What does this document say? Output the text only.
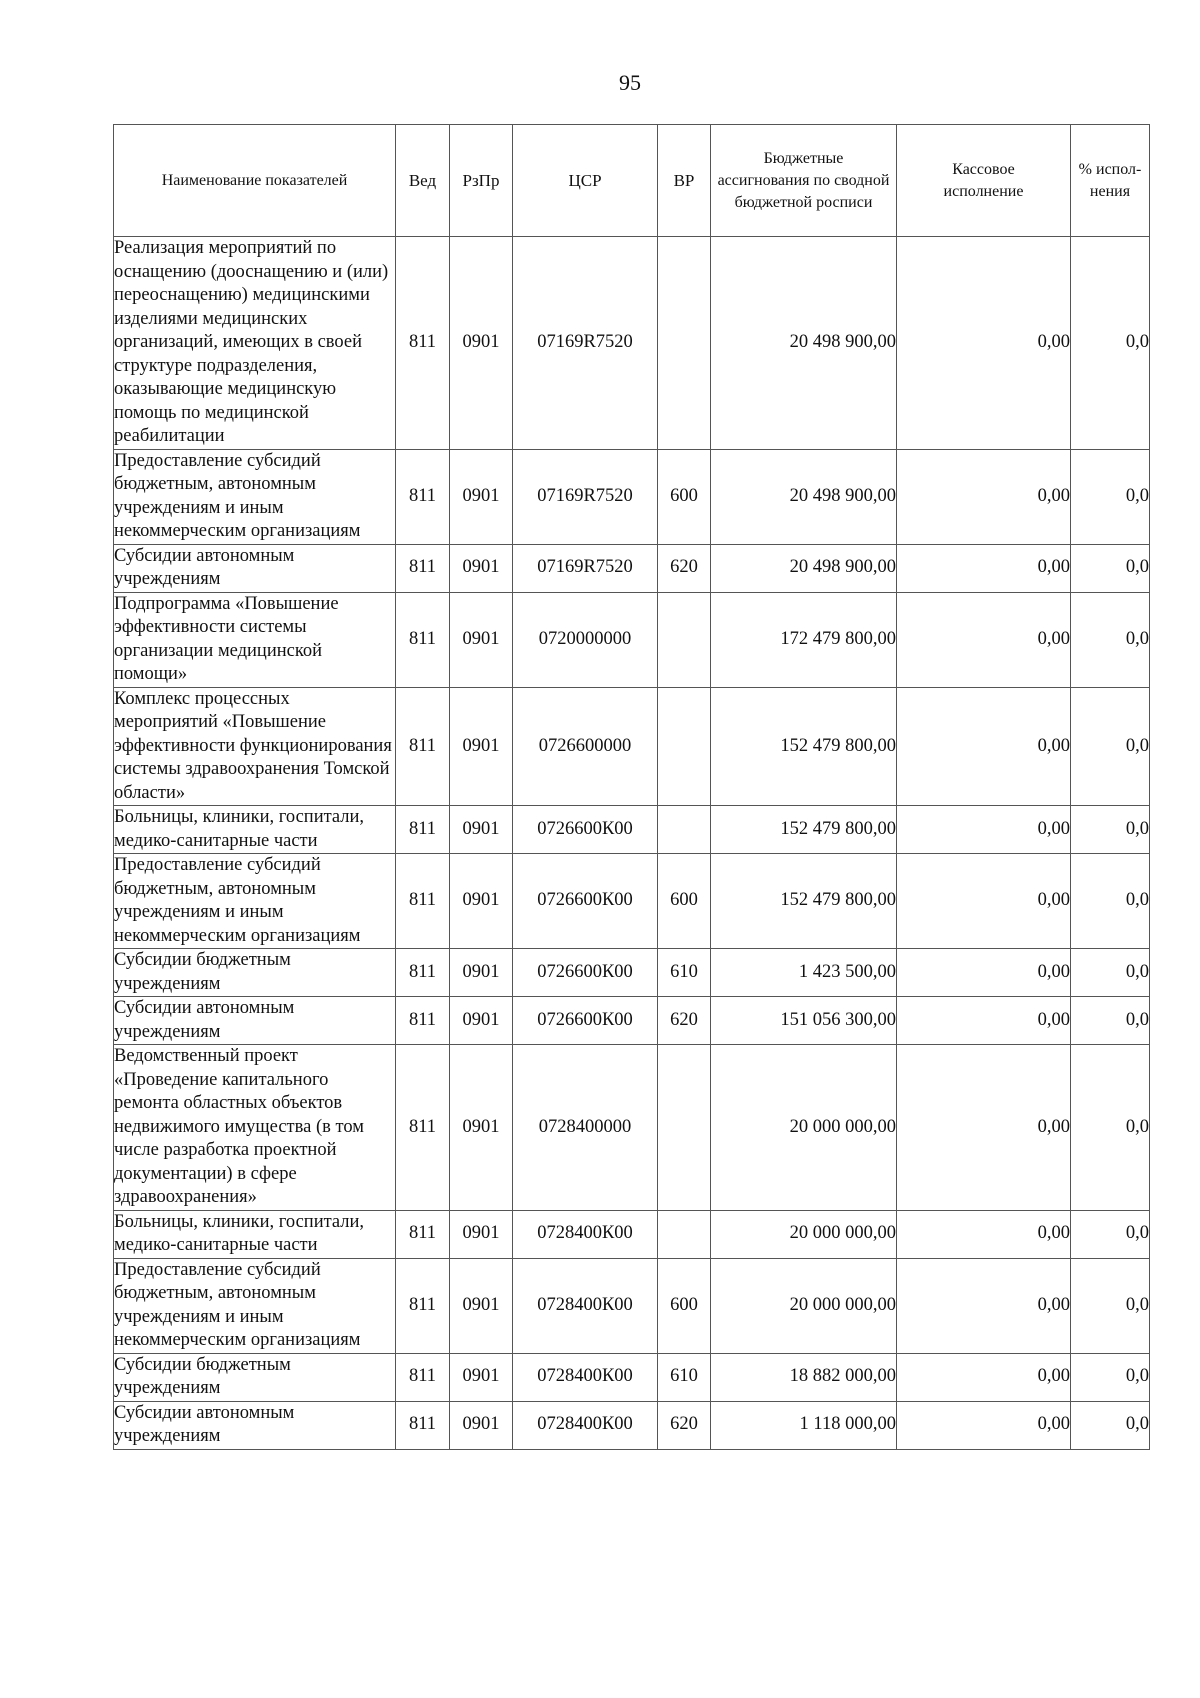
95
Наименование показателей	Вед	РзПр	ЦСР	ВР	Бюджетные ассигнования по сводной бюджетной росписи	Кассовое исполнение	% испол-нения
Реализация мероприятий по оснащению (дооснащению и (или) переоснащению) медицинскими изделиями медицинских организаций, имеющих в своей структуре подразделения, оказывающие медицинскую помощь по медицинской реабилитации	811	0901	07169R7520		20 498 900,00	0,00	0,0
Предоставление субсидий бюджетным, автономным учреждениям и иным некоммерческим организациям	811	0901	07169R7520	600	20 498 900,00	0,00	0,0
Субсидии автономным учреждениям	811	0901	07169R7520	620	20 498 900,00	0,00	0,0
Подпрограмма «Повышение эффективности системы организации медицинской помощи»	811	0901	0720000000		172 479 800,00	0,00	0,0
Комплекс процессных мероприятий «Повышение эффективности функционирования системы здравоохранения Томской области»	811	0901	0726600000		152 479 800,00	0,00	0,0
Больницы, клиники, госпитали, медико-санитарные части	811	0901	0726600К00		152 479 800,00	0,00	0,0
Предоставление субсидий бюджетным, автономным учреждениям и иным некоммерческим организациям	811	0901	0726600К00	600	152 479 800,00	0,00	0,0
Субсидии бюджетным учреждениям	811	0901	0726600К00	610	1 423 500,00	0,00	0,0
Субсидии автономным учреждениям	811	0901	0726600К00	620	151 056 300,00	0,00	0,0
Ведомственный проект «Проведение капитального ремонта областных объектов недвижимого имущества (в том числе разработка проектной документации) в сфере здравоохранения»	811	0901	0728400000		20 000 000,00	0,00	0,0
Больницы, клиники, госпитали, медико-санитарные части	811	0901	0728400К00		20 000 000,00	0,00	0,0
Предоставление субсидий бюджетным, автономным учреждениям и иным некоммерческим организациям	811	0901	0728400К00	600	20 000 000,00	0,00	0,0
Субсидии бюджетным учреждениям	811	0901	0728400К00	610	18 882 000,00	0,00	0,0
Субсидии автономным учреждениям	811	0901	0728400К00	620	1 118 000,00	0,00	0,0
